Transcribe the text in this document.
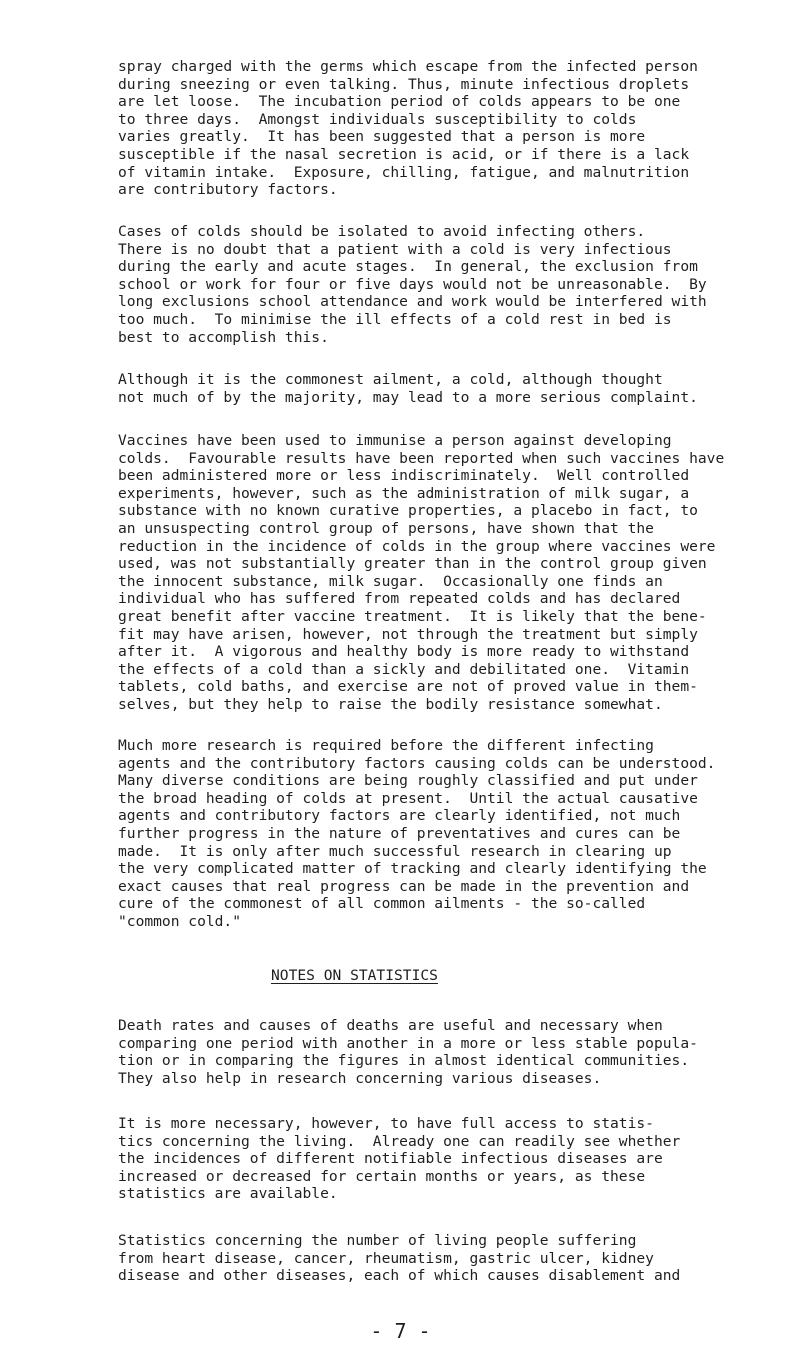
spray charged with the germs which escape from the infected person
during sneezing or even talking. Thus, minute infectious droplets
are let loose.  The incubation period of colds appears to be one
to three days.  Amongst individuals susceptibility to colds
varies greatly.  It has been suggested that a person is more
susceptible if the nasal secretion is acid, or if there is a lack
of vitamin intake.  Exposure, chilling, fatigue, and malnutrition
are contributory factors.

Cases of colds should be isolated to avoid infecting others.
There is no doubt that a patient with a cold is very infectious
during the early and acute stages.  In general, the exclusion from
school or work for four or five days would not be unreasonable.  By
long exclusions school attendance and work would be interfered with
too much.  To minimise the ill effects of a cold rest in bed is
best to accomplish this.

Although it is the commonest ailment, a cold, although thought
not much of by the majority, may lead to a more serious complaint.

Vaccines have been used to immunise a person against developing
colds.  Favourable results have been reported when such vaccines have
been administered more or less indiscriminately.  Well controlled
experiments, however, such as the administration of milk sugar, a
substance with no known curative properties, a placebo in fact, to
an unsuspecting control group of persons, have shown that the
reduction in the incidence of colds in the group where vaccines were
used, was not substantially greater than in the control group given
the innocent substance, milk sugar.  Occasionally one finds an
individual who has suffered from repeated colds and has declared
great benefit after vaccine treatment.  It is likely that the bene-
fit may have arisen, however, not through the treatment but simply
after it.  A vigorous and healthy body is more ready to withstand
the effects of a cold than a sickly and debilitated one.  Vitamin
tablets, cold baths, and exercise are not of proved value in them-
selves, but they help to raise the bodily resistance somewhat.

Much more research is required before the different infecting
agents and the contributory factors causing colds can be understood.
Many diverse conditions are being roughly classified and put under
the broad heading of colds at present.  Until the actual causative
agents and contributory factors are clearly identified, not much
further progress in the nature of preventatives and cures can be
made.  It is only after much successful research in clearing up
the very complicated matter of tracking and clearly identifying the
exact causes that real progress can be made in the prevention and
cure of the commonest of all common ailments - the so-called
"common cold."

NOTES ON STATISTICS

Death rates and causes of deaths are useful and necessary when
comparing one period with another in a more or less stable popula-
tion or in comparing the figures in almost identical communities.
They also help in research concerning various diseases.

It is more necessary, however, to have full access to statis-
tics concerning the living.  Already one can readily see whether
the incidences of different notifiable infectious diseases are
increased or decreased for certain months or years, as these
statistics are available.

Statistics concerning the number of living people suffering
from heart disease, cancer, rheumatism, gastric ulcer, kidney
disease and other diseases, each of which causes disablement and

- 7 -
